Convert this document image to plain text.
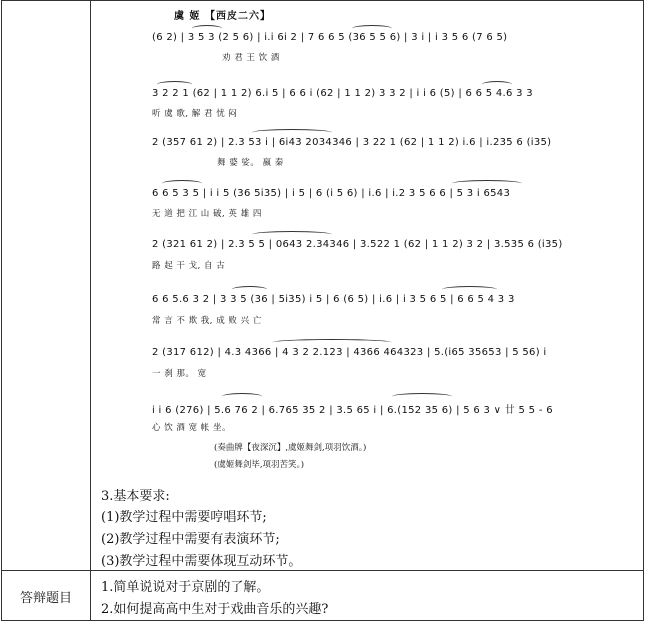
虞 姬 【西皮二六】
(6 2) | 3 5 3 (2 5 6) | i.i 6i 2 | 7 6 6 5 (36 5 5 6) | 3 i | i 3 5 6 (7 6 5)
劝 君 王 饮 酒
3 2 2 1 (62 | 1 1 2) 6.i 5 | 6 6 i (62 | 1 1 2) 3 3 2 | i i 6 (5) | 6 6 5 4.6 3 3
听 虞 歌, 解 君 忧 闷
2 (357 61 2) | 2.3 53 i | 6i43 2034346 | 3 22 1 (62 | 1 1 2) i.6 | i.235 6 (i35)
舞 婆 娑。 嬴 秦
6 6 5 3 5 | i i 5 (36 5i35) | i 5 | 6 (i 5 6) | i.6 | i.2 3 5 6 6 | 5 3 i 6543
无 道 把 江 山 破, 英 雄 四
2 (321 61 2) | 2.3 5 5 | 0643 2.34346 | 3.522 1 (62 | 1 1 2) 3 2 | 3.535 6 (i35)
路 起 干 戈, 自 古
6 6 5.6 3 2 | 3 3 5 (36 | 5i35) i 5 | 6 (6 5) | i.6 | i 3 5 6 5 | 6 6 5 4 3 3
常 言 不 欺 我, 成 败 兴 亡
2 (317 612) | 4.3 4366 | 4 3 2 2.123 | 4366 464323 | 5.(i65 35653 | 5 56) i
一 刹 那。 宽
i i 6 (276) | 5.6 76 2 | 6.765 35 2 | 3.5 65 i | 6.(152 35 6) | 5 6 3 ∨ 廿 5 5 - 6
心 饮 酒 宽 帐 坐。
(奏曲牌【夜深沉】,虞姬舞剑,项羽饮酒。)
(虞姬舞剑毕,项羽苦笑。)
3.基本要求:
(1)教学过程中需要哼唱环节;
(2)教学过程中需要有表演环节;
(3)教学过程中需要体现互动环节。
答辩题目
1.简单说说对于京剧的了解。
2.如何提高高中生对于戏曲音乐的兴趣?
